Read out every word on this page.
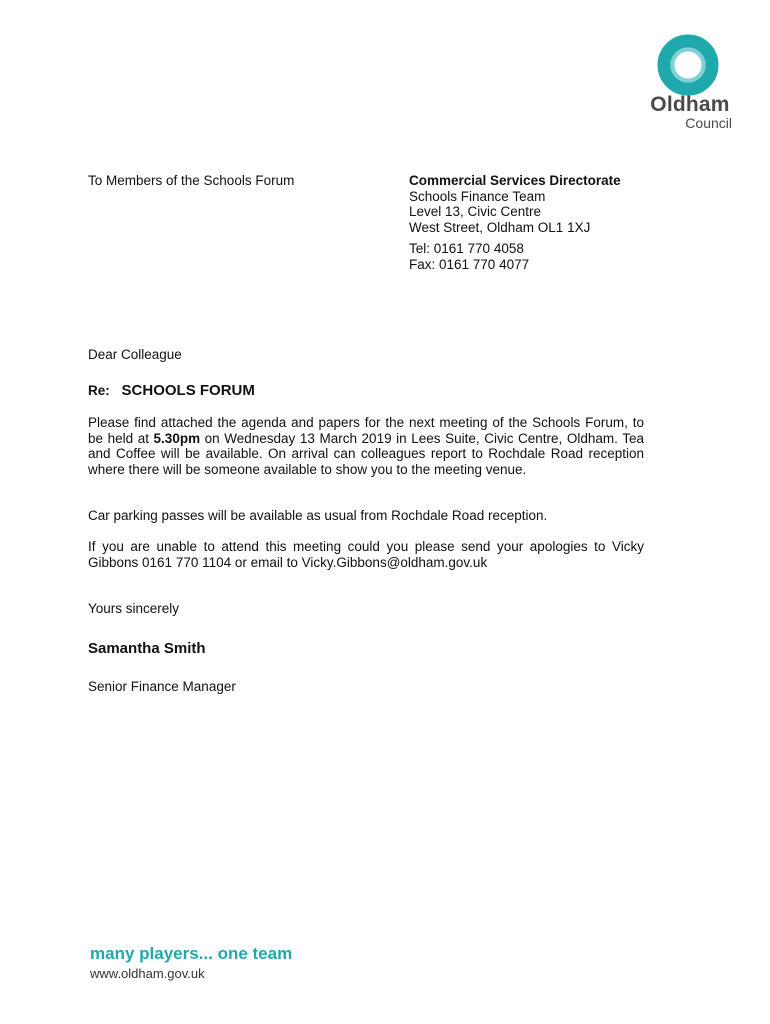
Oldham
Council
To Members of the Schools Forum	Commercial Services Directorate
Schools Finance Team
Level 13, Civic Centre
West Street, Oldham OL1 1XJ
Tel: 0161 770 4058
Fax: 0161 770 4077
Dear Colleague
Re: SCHOOLS FORUM
Please find attached the agenda and papers for the next meeting of the Schools Forum, to be held at 5.30pm on Wednesday 13 March 2019 in Lees Suite, Civic Centre, Oldham. Tea and Coffee will be available. On arrival can colleagues report to Rochdale Road reception where there will be someone available to show you to the meeting venue.
Car parking passes will be available as usual from Rochdale Road reception.
If you are unable to attend this meeting could you please send your apologies to Vicky Gibbons 0161 770 1104 or email to Vicky.Gibbons@oldham.gov.uk
Yours sincerely
Samantha Smith
Senior Finance Manager
many players... one team
www.oldham.gov.uk
